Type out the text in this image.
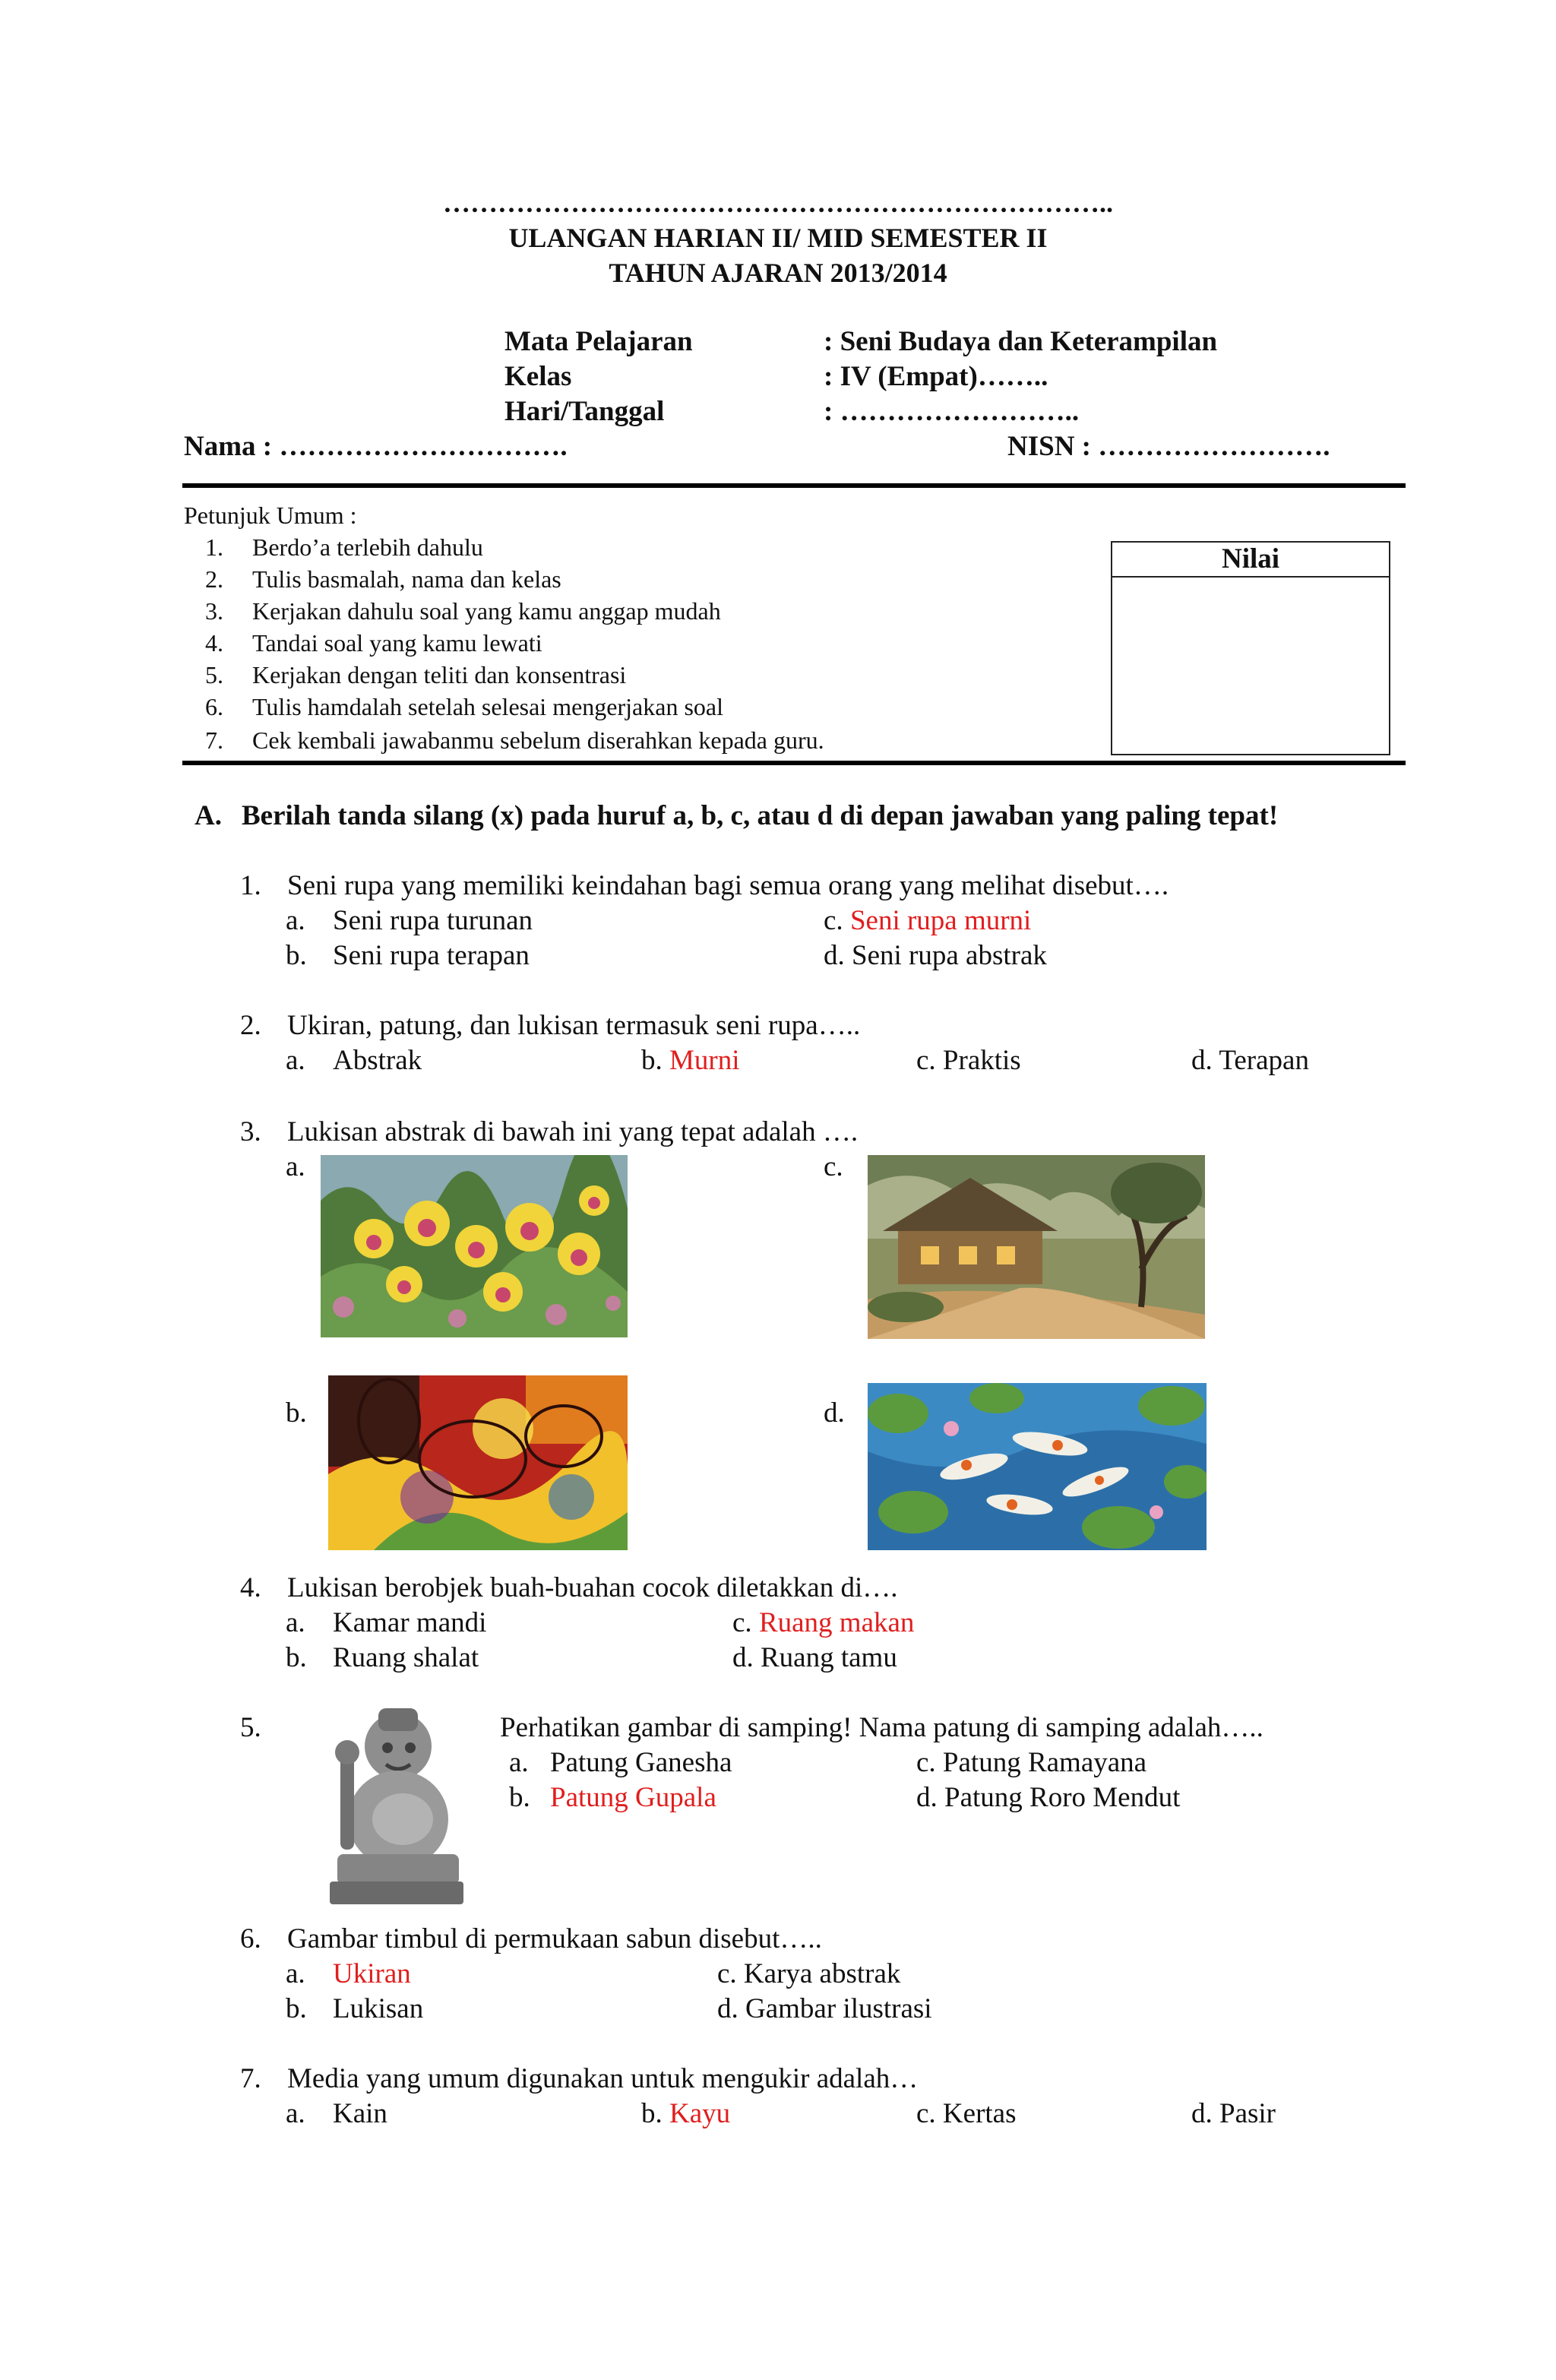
………………………………………………………………..
ULANGAN HARIAN II/ MID SEMESTER II
TAHUN AJARAN 2013/2014
Mata Pelajaran	: Seni Budaya dan Keterampilan
Kelas	: IV (Empat)……..
Hari/Tanggal	: ……………………..
Nama : ………………………….	NISN : …………………….
Petunjuk Umum :
1. Berdo’a terlebih dahulu
2. Tulis basmalah, nama dan kelas
3. Kerjakan dahulu soal yang kamu anggap mudah
4. Tandai soal yang kamu lewati
5. Kerjakan dengan teliti dan konsentrasi
6. Tulis hamdalah setelah selesai mengerjakan soal
7. Cek kembali jawabanmu sebelum diserahkan kepada guru.
Nilai
A. Berilah tanda silang (x) pada huruf a, b, c, atau d di depan jawaban yang paling tepat!
1. Seni rupa yang memiliki keindahan bagi semua orang yang melihat disebut….
a. Seni rupa turunan
b. Seni rupa terapan
c. Seni rupa murni
d. Seni rupa abstrak
2. Ukiran, patung, dan lukisan termasuk seni rupa…..
a. Abstrak	b. Murni	c. Praktis	d. Terapan
3. Lukisan abstrak di bawah ini yang tepat adalah ….
a.	c.
b.	d.
4. Lukisan berobjek buah-buahan cocok diletakkan di….
a. Kamar mandi
b. Ruang shalat
c. Ruang makan
d. Ruang tamu
5.	Perhatikan gambar di samping! Nama patung di samping adalah…..
a. Patung Ganesha
b. Patung Gupala
c. Patung Ramayana
d. Patung Roro Mendut
6. Gambar timbul di permukaan sabun disebut…..
a. Ukiran
b. Lukisan
c. Karya abstrak
d. Gambar ilustrasi
7. Media yang umum digunakan untuk mengukir adalah…
a. Kain	b. Kayu	c. Kertas	d. Pasir
